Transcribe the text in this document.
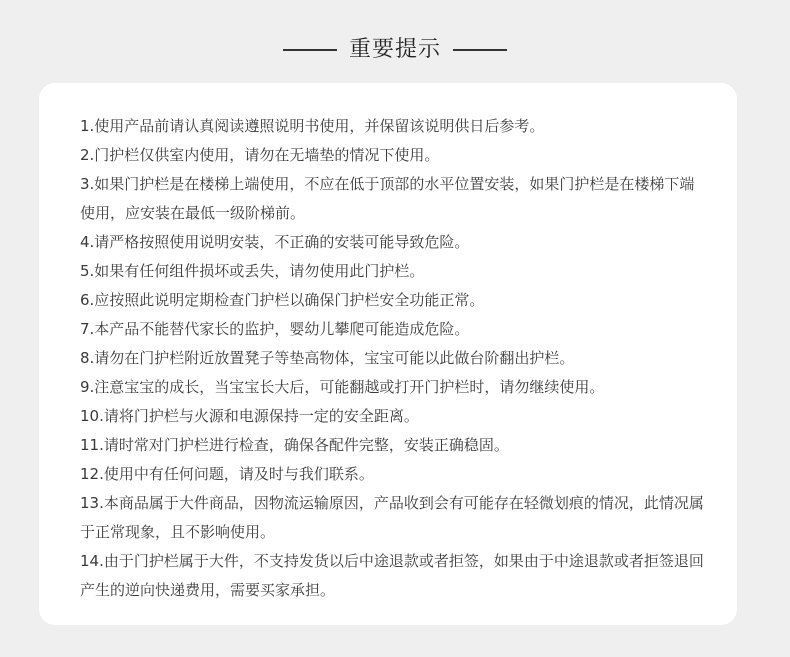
重要提示

1.使用产品前请认真阅读遵照说明书使用，并保留该说明供日后参考。

2.门护栏仅供室内使用，请勿在无墙垫的情况下使用。

3.如果门护栏是在楼梯上端使用，不应在低于顶部的水平位置安装，如果门护栏是在楼梯下端使用，应安装在最低一级阶梯前。

4.请严格按照使用说明安装，不正确的安装可能导致危险。

5.如果有任何组件损坏或丢失，请勿使用此门护栏。

6.应按照此说明定期检查门护栏以确保门护栏安全功能正常。

7.本产品不能替代家长的监护，婴幼儿攀爬可能造成危险。

8.请勿在门护栏附近放置凳子等垫高物体，宝宝可能以此做台阶翻出护栏。

9.注意宝宝的成长，当宝宝长大后，可能翻越或打开门护栏时，请勿继续使用。

10.请将门护栏与火源和电源保持一定的安全距离。

11.请时常对门护栏进行检查，确保各配件完整，安装正确稳固。

12.使用中有任何问题，请及时与我们联系。

13.本商品属于大件商品，因物流运输原因，产品收到会有可能存在轻微划痕的情况，此情况属于正常现象，且不影响使用。

14.由于门护栏属于大件，不支持发货以后中途退款或者拒签，如果由于中途退款或者拒签退回产生的逆向快递费用，需要买家承担。
